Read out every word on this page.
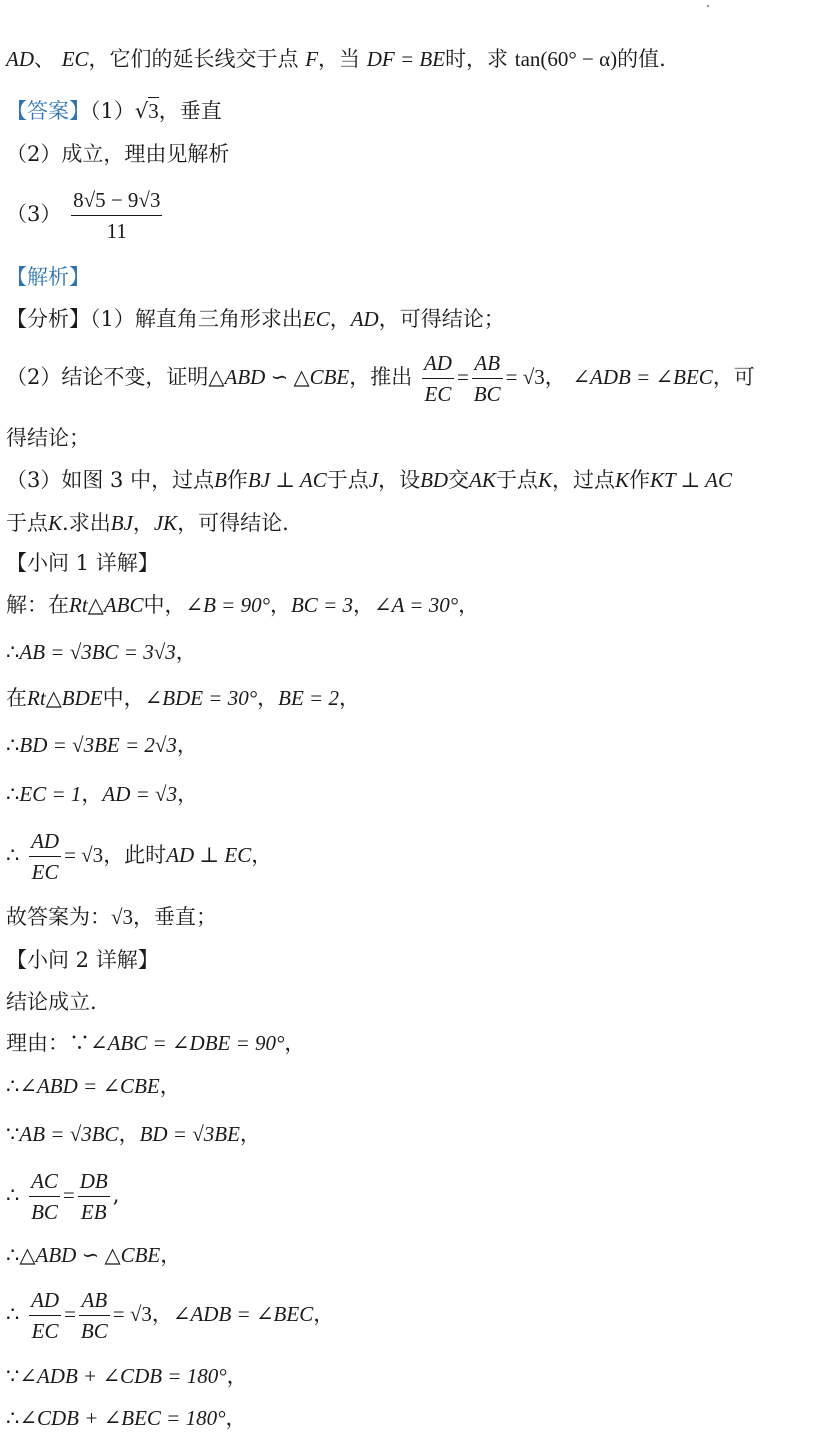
AD、 EC，它们的延长线交于点 F，当 DF = BE时，求 tan(60° − α)的值.
【答案】（1）√3，垂直
（2）成立，理由见解析
$(3) \frac{8√5 - 9√3}{11}$
【解析】
【分析】（1）解直角三角形求出EC，AD，可得结论；
（2）结论不变，证明△ABD ∽ △CBE，推出 $\frac{AD}{EC} = \frac{AB}{BC} = √3$， ∠ADB = ∠BEC，可
得结论；
（3）如图 3 中，过点B作BJ ⊥ AC于点J，设BD交AK于点K，过点K作KT ⊥ AC
于点K.求出BJ，JK，可得结论.
【小问 1 详解】
解：在Rt△ABC中，∠B = 90°，BC = 3，∠A = 30°，
∴AB = √3BC = 3√3，
在Rt△BDE中，∠BDE = 30°，BE = 2，
∴BD = √3BE = 2√3，
∴EC = 1，AD = √3，
∴ $\frac{AD}{EC} = √3$，此时AD ⊥ EC，
故答案为：√3，垂直；
【小问 2 详解】
结论成立.
理由：∵∠ABC = ∠DBE = 90°，
∴∠ABD = ∠CBE，
∵AB = √3BC，BD = √3BE，
∴ $\frac{AC}{BC} = \frac{DB}{EB}$ ,
∴△ABD ∽ △CBE，
∴ $\frac{AD}{EC} = \frac{AB}{BC} = √3$，∠ADB = ∠BEC，
∵∠ADB + ∠CDB = 180°，
∴∠CDB + ∠BEC = 180°，
